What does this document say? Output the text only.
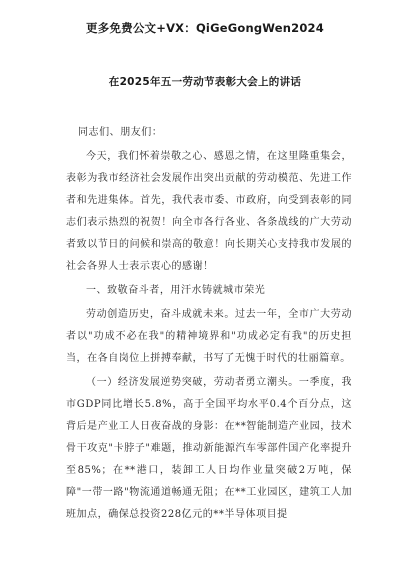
更多免费公文+VX：QiGeGongWen2024
在2025年五一劳动节表彰大会上的讲话

同志们、朋友们：

今天，我们怀着崇敬之心、感恩之情，在这里隆重集会，表彰为我市经济社会发展作出突出贡献的劳动模范、先进工作者和先进集体。首先，我代表市委、市政府，向受到表彰的同志们表示热烈的祝贺！向全市各行各业、各条战线的广大劳动者致以节日的问候和崇高的敬意！向长期关心支持我市发展的社会各界人士表示衷心的感谢！

一、致敬奋斗者，用汗水铸就城市荣光

劳动创造历史，奋斗成就未来。过去一年，全市广大劳动者以"功成不必在我"的精神境界和"功成必定有我"的历史担当，在各自岗位上拼搏奉献，书写了无愧于时代的壮丽篇章。

（一）经济发展逆势突破，劳动者勇立潮头。一季度，我市GDP同比增长5.8%，高于全国平均水平0.4个百分点，这背后是产业工人日夜奋战的身影：在**智能制造产业园，技术骨干攻克"卡脖子"难题，推动新能源汽车零部件国产化率提升至85%；在**港口，装卸工人日均作业量突破2万吨，保障"一带一路"物流通道畅通无阻；在**工业园区，建筑工人加班加点，确保总投资228亿元的**半导体项目提
